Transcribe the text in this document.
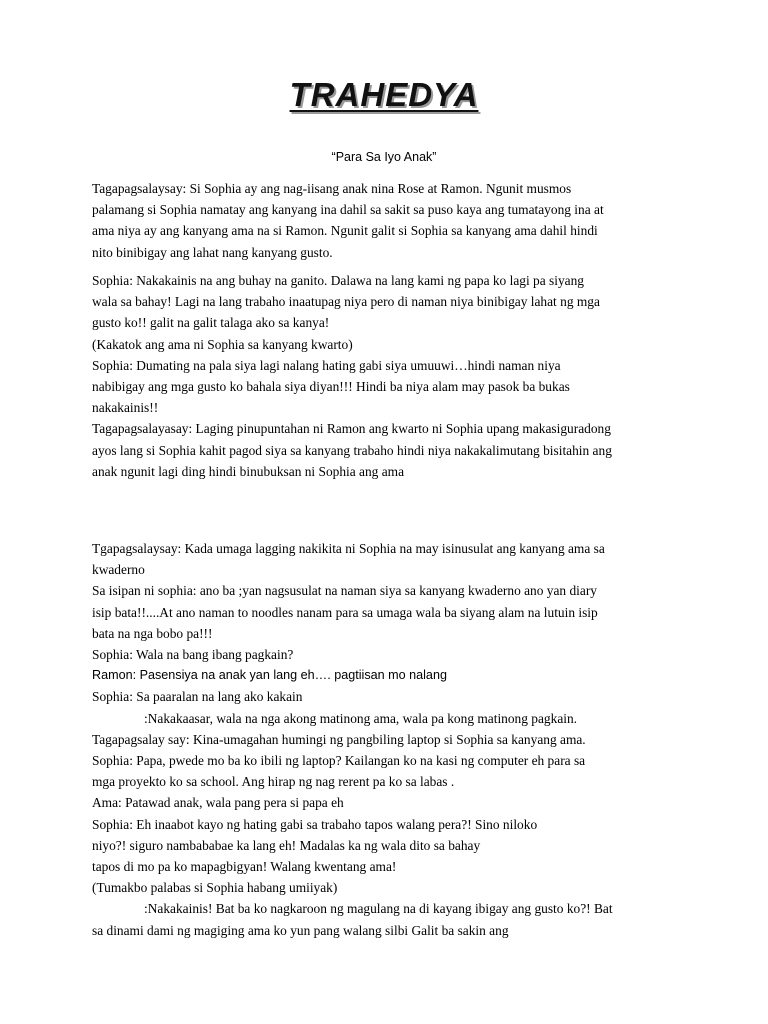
TRAHEDYA
“Para Sa Iyo Anak”
Tagapagsalaysay: Si Sophia ay ang nag-iisang anak nina Rose at Ramon. Ngunit musmos
palamang si Sophia namatay ang kanyang ina dahil sa sakit sa puso kaya ang tumatayong ina at
ama niya ay ang kanyang ama na si Ramon. Ngunit galit si Sophia sa kanyang ama dahil hindi
nito binibigay ang lahat nang kanyang gusto.
Sophia: Nakakainis na ang buhay na ganito. Dalawa na lang kami ng papa ko lagi pa siyang
wala sa bahay! Lagi na lang trabaho inaatupag niya pero di naman niya binibigay lahat ng mga
gusto ko!! galit na galit talaga ako sa kanya!
(Kakatok ang ama ni Sophia sa kanyang kwarto)
Sophia: Dumating na pala siya lagi nalang hating gabi siya umuuwi…hindi naman niya
nabibigay ang mga gusto ko bahala siya diyan!!! Hindi ba niya alam may pasok ba bukas
nakakainis!!
Tagapagsalayasay: Laging pinupuntahan ni Ramon ang kwarto ni Sophia upang makasiguradong
ayos lang si Sophia kahit pagod siya sa kanyang trabaho hindi niya nakakalimutang bisitahin ang
anak ngunit lagi ding hindi binubuksan ni Sophia ang ama
Tgapagsalaysay: Kada umaga lagging nakikita ni Sophia na may isinusulat ang kanyang ama sa
kwaderno
Sa isipan ni sophia: ano ba ;yan nagsusulat na naman siya sa kanyang kwaderno ano yan diary
isip bata!!....At ano naman to noodles nanam para sa umaga wala ba siyang alam na lutuin isip
bata na nga bobo pa!!!
Sophia: Wala na bang ibang pagkain?
Ramon: Pasensiya na anak yan lang eh…. pagtiisan mo nalang
Sophia: Sa paaralan na lang ako kakain
:Nakakaasar, wala na nga akong matinong ama, wala pa kong matinong pagkain.
Tagapagsalay say: Kina-umagahan humingi ng pangbiling laptop si Sophia sa kanyang ama.
Sophia: Papa, pwede mo ba ko ibili ng laptop? Kailangan ko na kasi ng computer eh para sa
mga proyekto ko sa school. Ang hirap ng nag rerent pa ko sa labas .
Ama: Patawad anak, wala pang pera si papa eh
Sophia: Eh inaabot kayo ng hating gabi sa trabaho tapos walang pera?! Sino niloko
niyo?! siguro nambababae ka lang eh! Madalas ka ng wala dito sa bahay
tapos di mo pa ko mapagbigyan! Walang kwentang ama!
(Tumakbo palabas si Sophia habang umiiyak)
:Nakakainis! Bat ba ko nagkaroon ng magulang na di kayang ibigay ang gusto ko?! Bat
sa dinami dami ng magiging ama ko yun pang walang silbi Galit ba sakin ang
